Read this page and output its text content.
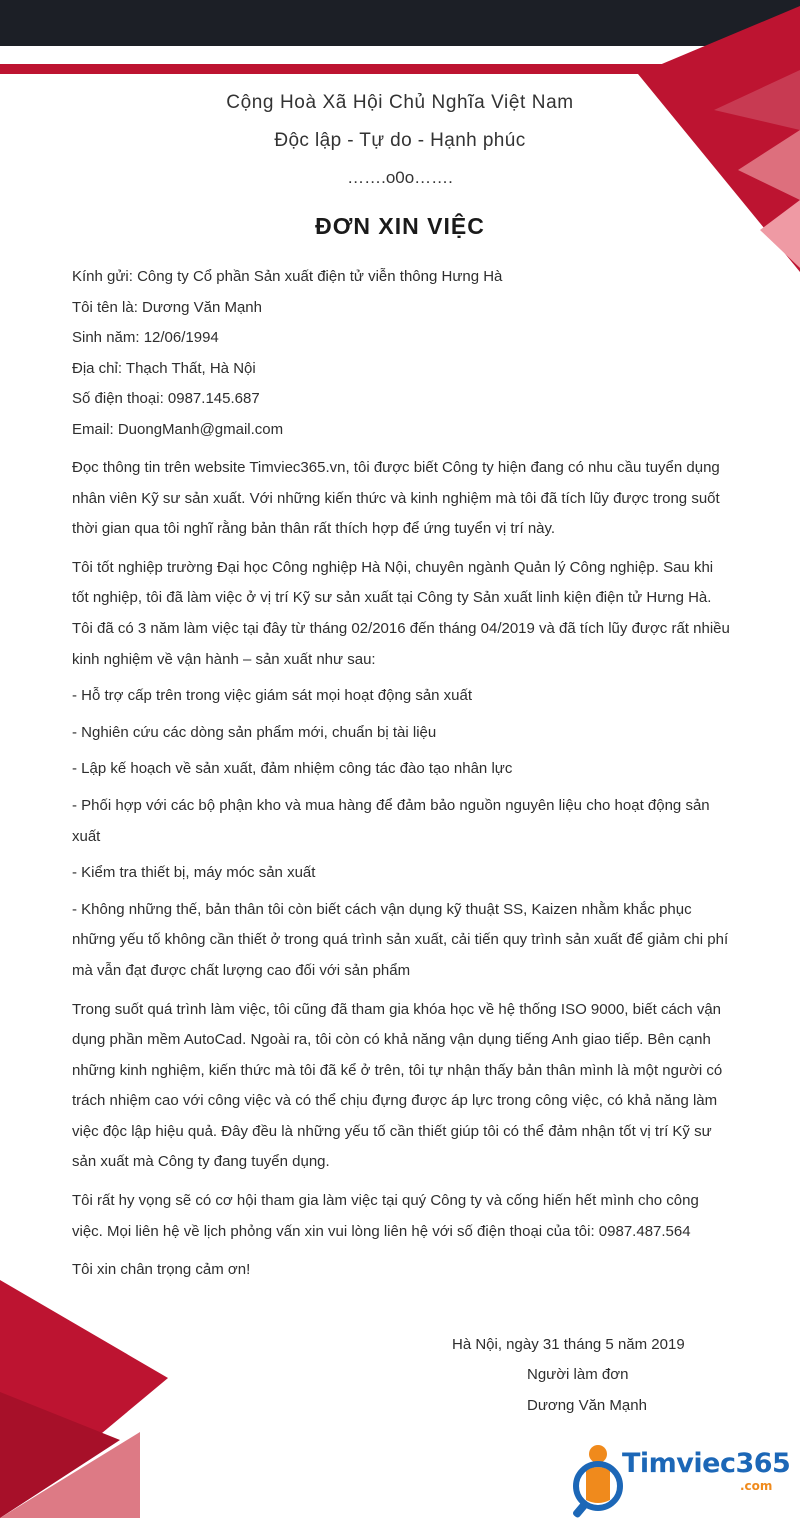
Cộng Hoà Xã Hội Chủ Nghĩa Việt Nam
Độc lập - Tự do - Hạnh phúc
…….o0o…….
ĐƠN XIN VIỆC

Kính gửi: Công ty Cổ phần Sản xuất điện tử viễn thông Hưng Hà

Tôi tên là: Dương Văn Mạnh

Sinh năm: 12/06/1994

Địa chỉ: Thạch Thất, Hà Nội

Số điện thoại: 0987.145.687

Email: DuongManh@gmail.com

Đọc thông tin trên website Timviec365.vn, tôi được biết Công ty hiện đang có nhu cầu tuyển dụng nhân viên Kỹ sư sản xuất. Với những kiến thức và kinh nghiệm mà tôi đã tích lũy được trong suốt thời gian qua tôi nghĩ rằng bản thân rất thích hợp để ứng tuyển vị trí này.

Tôi tốt nghiệp trường Đại học Công nghiệp Hà Nội, chuyên ngành Quản lý Công nghiệp. Sau khi tốt nghiệp, tôi đã làm việc ở vị trí Kỹ sư sản xuất tại Công ty Sản xuất linh kiện điện tử Hưng Hà. Tôi đã có 3 năm làm việc tại đây từ tháng 02/2016 đến tháng 04/2019 và đã tích lũy được rất nhiều kinh nghiệm về vận hành – sản xuất như sau:

- Hỗ trợ cấp trên trong việc giám sát mọi hoạt động sản xuất
- Nghiên cứu các dòng sản phẩm mới, chuẩn bị tài liệu
- Lập kế hoạch về sản xuất, đảm nhiệm công tác đào tạo nhân lực
- Phối hợp với các bộ phận kho và mua hàng để đảm bảo nguồn nguyên liệu cho hoạt động sản xuất
- Kiểm tra thiết bị, máy móc sản xuất
- Không những thế, bản thân tôi còn biết cách vận dụng kỹ thuật SS, Kaizen nhằm khắc phục những yếu tố không cần thiết ở trong quá trình sản xuất, cải tiến quy trình sản xuất để giảm chi phí mà vẫn đạt được chất lượng cao đối với sản phẩm

Trong suốt quá trình làm việc, tôi cũng đã tham gia khóa học về hệ thống ISO 9000, biết cách vận dụng phần mềm AutoCad. Ngoài ra, tôi còn có khả năng vận dụng tiếng Anh giao tiếp. Bên cạnh những kinh nghiệm, kiến thức mà tôi đã kể ở trên, tôi tự nhận thấy bản thân mình là một người có trách nhiệm cao với công việc và có thể chịu đựng được áp lực trong công việc, có khả năng làm việc độc lập hiệu quả. Đây đều là những yếu tố cần thiết giúp tôi có thể đảm nhận tốt vị trí Kỹ sư sản xuất mà Công ty đang tuyển dụng.

Tôi rất hy vọng sẽ có cơ hội tham gia làm việc tại quý Công ty và cống hiến hết mình cho công việc. Mọi liên hệ về lịch phỏng vấn xin vui lòng liên hệ với số điện thoại của tôi: 0987.487.564

Tôi xin chân trọng cảm ơn!

Hà Nội, ngày 31 tháng 5 năm 2019
Người làm đơn
Dương Văn Mạnh
Timviec365
.com
